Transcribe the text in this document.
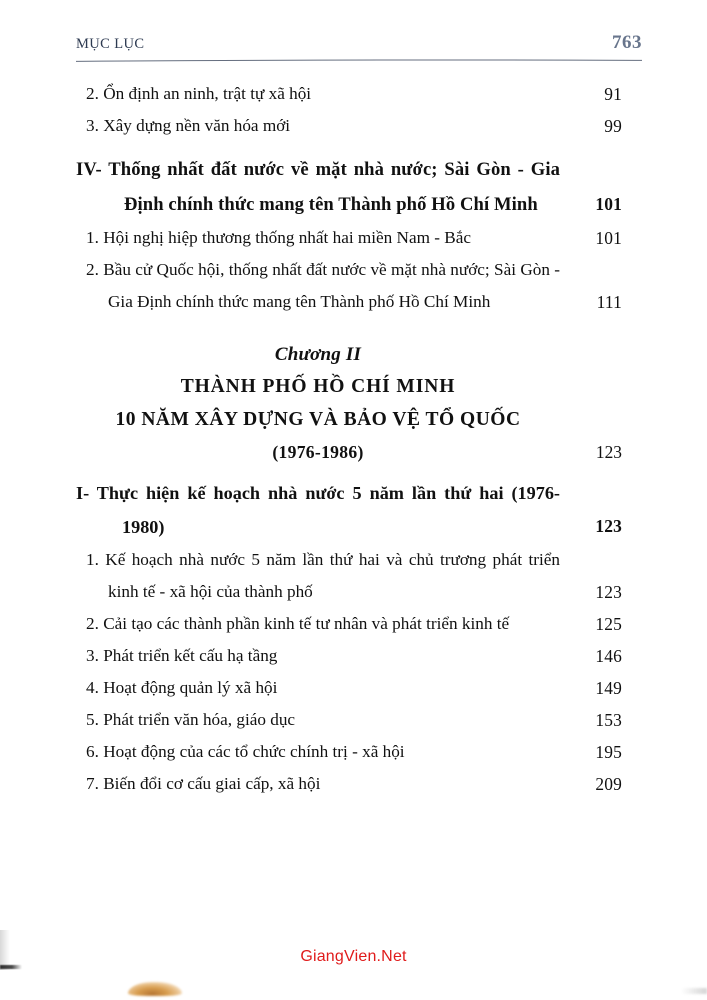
MỤC LỤC	763
2. Ổn định an ninh, trật tự xã hội	91
3. Xây dựng nền văn hóa mới	99
IV- Thống nhất đất nước về mặt nhà nước; Sài Gòn - Gia Định chính thức mang tên Thành phố Hồ Chí Minh	101
1. Hội nghị hiệp thương thống nhất hai miền Nam - Bắc	101
2. Bầu cử Quốc hội, thống nhất đất nước về mặt nhà nước; Sài Gòn - Gia Định chính thức mang tên Thành phố Hồ Chí Minh	111
Chương II
THÀNH PHỐ HỒ CHÍ MINH
10 NĂM XÂY DỰNG VÀ BẢO VỆ TỔ QUỐC
(1976-1986)	123
I- Thực hiện kế hoạch nhà nước 5 năm lần thứ hai (1976-1980)	123
1. Kế hoạch nhà nước 5 năm lần thứ hai và chủ trương phát triển kinh tế - xã hội của thành phố	123
2. Cải tạo các thành phần kinh tế tư nhân và phát triển kinh tế	125
3. Phát triển kết cấu hạ tầng	146
4. Hoạt động quản lý xã hội	149
5. Phát triển văn hóa, giáo dục	153
6. Hoạt động của các tổ chức chính trị - xã hội	195
7. Biến đổi cơ cấu giai cấp, xã hội	209
GiangVien.Net
